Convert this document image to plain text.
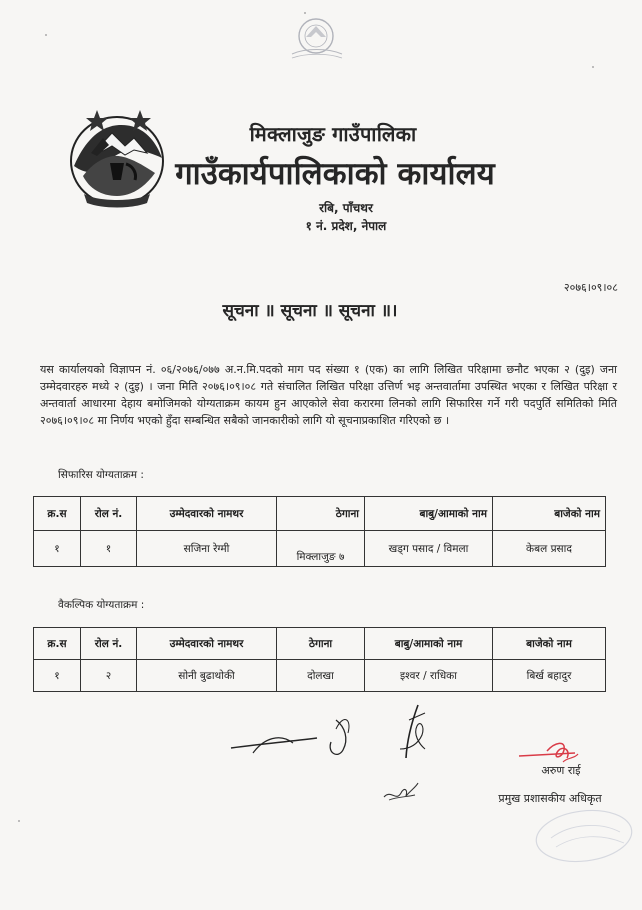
मिक्लाजुङ गाउँपालिका
गाउँकार्यपालिकाको कार्यालय
रबि, पाँचथर
१ नं. प्रदेश, नेपाल
२०७६।०९।०८
सूचना ॥ सूचना ॥ सूचना ॥।
यस कार्यालयको विज्ञापन नं. ०६/२०७६/०७७ अ.न.मि.पदको माग पद संख्या १ (एक) का लागि लिखित परिक्षामा छनौट भएका २ (दुइ) जना उम्मेदवारहरु मध्ये २ (दुइ) । जना मिति २०७६।०९।०८ गते संचालित लिखित परिक्षा उत्तिर्ण भइ अन्तवार्तामा उपस्थित भएका र लिखित परिक्षा र अन्तवार्ता आधारमा देहाय बमोजिमको योग्यताक्रम कायम हुन आएकोले सेवा करारमा लिनको लागि सिफारिस गर्ने गरी पदपुर्ति समितिको मिति २०७६।०९।०८ मा निर्णय भएको हुँदा सम्बन्धित सबैको जानकारीको लागि यो सूचनाप्रकाशित गरिएको छ ।
सिफारिस योग्यताक्रम :
क्र.स	रोल नं.	उम्मेदवारको नामथर	ठेगाना	बाबु/आमाको नाम	बाजेको नाम
१	१	सजिना रेग्मी	मिक्लाजुङ ७	खड्ग पसाद / विमला	केबल प्रसाद
वैकल्पिक योग्यताक्रम :
क्र.स	रोल नं.	उम्मेदवारको नामथर	ठेगाना	बाबु/आमाको नाम	बाजेको नाम
१	२	सोनी बुढाथोकी	दोलखा	इश्वर / राधिका	बिर्ख बहादुर
अरुण राई
प्रमुख प्रशासकीय अधिकृत
